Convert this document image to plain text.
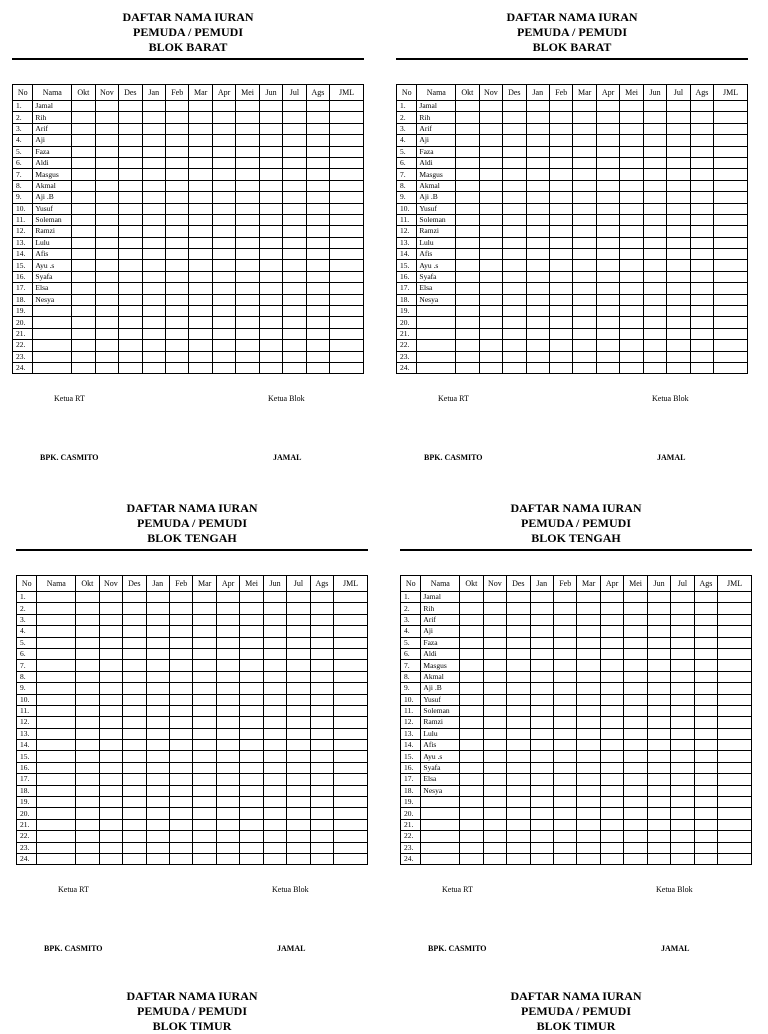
DAFTAR NAMA IURAN
PEMUDA / PEMUDI
BLOK BARAT
No	Nama	Okt	Nov	Des	Jan	Feb	Mar	Apr	Mei	Jun	Jul	Ags	JML
1.	Jamal												
2.	Rih												
3.	Arif												
4.	Aji												
5.	Faza												
6.	Aldi												
7.	Masgus												
8.	Akmal												
9.	Aji .B												
10.	Yusuf												
11.	Soleman												
12.	Ramzi												
13.	Lulu												
14.	Afis												
15.	Ayu .s												
16.	Syafa												
17.	Elsa												
18.	Nesya												
19.													
20.													
21.													
22.													
23.													
24.													
Ketua RT	Ketua Blok
BPK. CASMITO	JAMAL
DAFTAR NAMA IURAN
PEMUDA / PEMUDI
BLOK BARAT
No	Nama	Okt	Nov	Des	Jan	Feb	Mar	Apr	Mei	Jun	Jul	Ags	JML
1.	Jamal												
2.	Rih												
3.	Arif												
4.	Aji												
5.	Faza												
6.	Aldi												
7.	Masgus												
8.	Akmal												
9.	Aji .B												
10.	Yusuf												
11.	Soleman												
12.	Ramzi												
13.	Lulu												
14.	Afis												
15.	Ayu .s												
16.	Syafa												
17.	Elsa												
18.	Nesya												
19.													
20.													
21.													
22.													
23.													
24.													
Ketua RT	Ketua Blok
BPK. CASMITO	JAMAL
DAFTAR NAMA IURAN
PEMUDA / PEMUDI
BLOK TENGAH
No	Nama	Okt	Nov	Des	Jan	Feb	Mar	Apr	Mei	Jun	Jul	Ags	JML
1.													
2.													
3.													
4.													
5.													
6.													
7.													
8.													
9.													
10.													
11.													
12.													
13.													
14.													
15.													
16.													
17.													
18.													
19.													
20.													
21.													
22.													
23.													
24.													
Ketua RT	Ketua Blok
BPK. CASMITO	JAMAL
DAFTAR NAMA IURAN
PEMUDA / PEMUDI
BLOK TENGAH
No	Nama	Okt	Nov	Des	Jan	Feb	Mar	Apr	Mei	Jun	Jul	Ags	JML
1.	Jamal												
2.	Rih												
3.	Arif												
4.	Aji												
5.	Faza												
6.	Aldi												
7.	Masgus												
8.	Akmal												
9.	Aji .B												
10.	Yusuf												
11.	Soleman												
12.	Ramzi												
13.	Lulu												
14.	Afis												
15.	Ayu .s												
16.	Syafa												
17.	Elsa												
18.	Nesya												
19.													
20.													
21.													
22.													
23.													
24.													
Ketua RT	Ketua Blok
BPK. CASMITO	JAMAL
DAFTAR NAMA IURAN
PEMUDA / PEMUDI
BLOK TIMUR
DAFTAR NAMA IURAN
PEMUDA / PEMUDI
BLOK TIMUR
